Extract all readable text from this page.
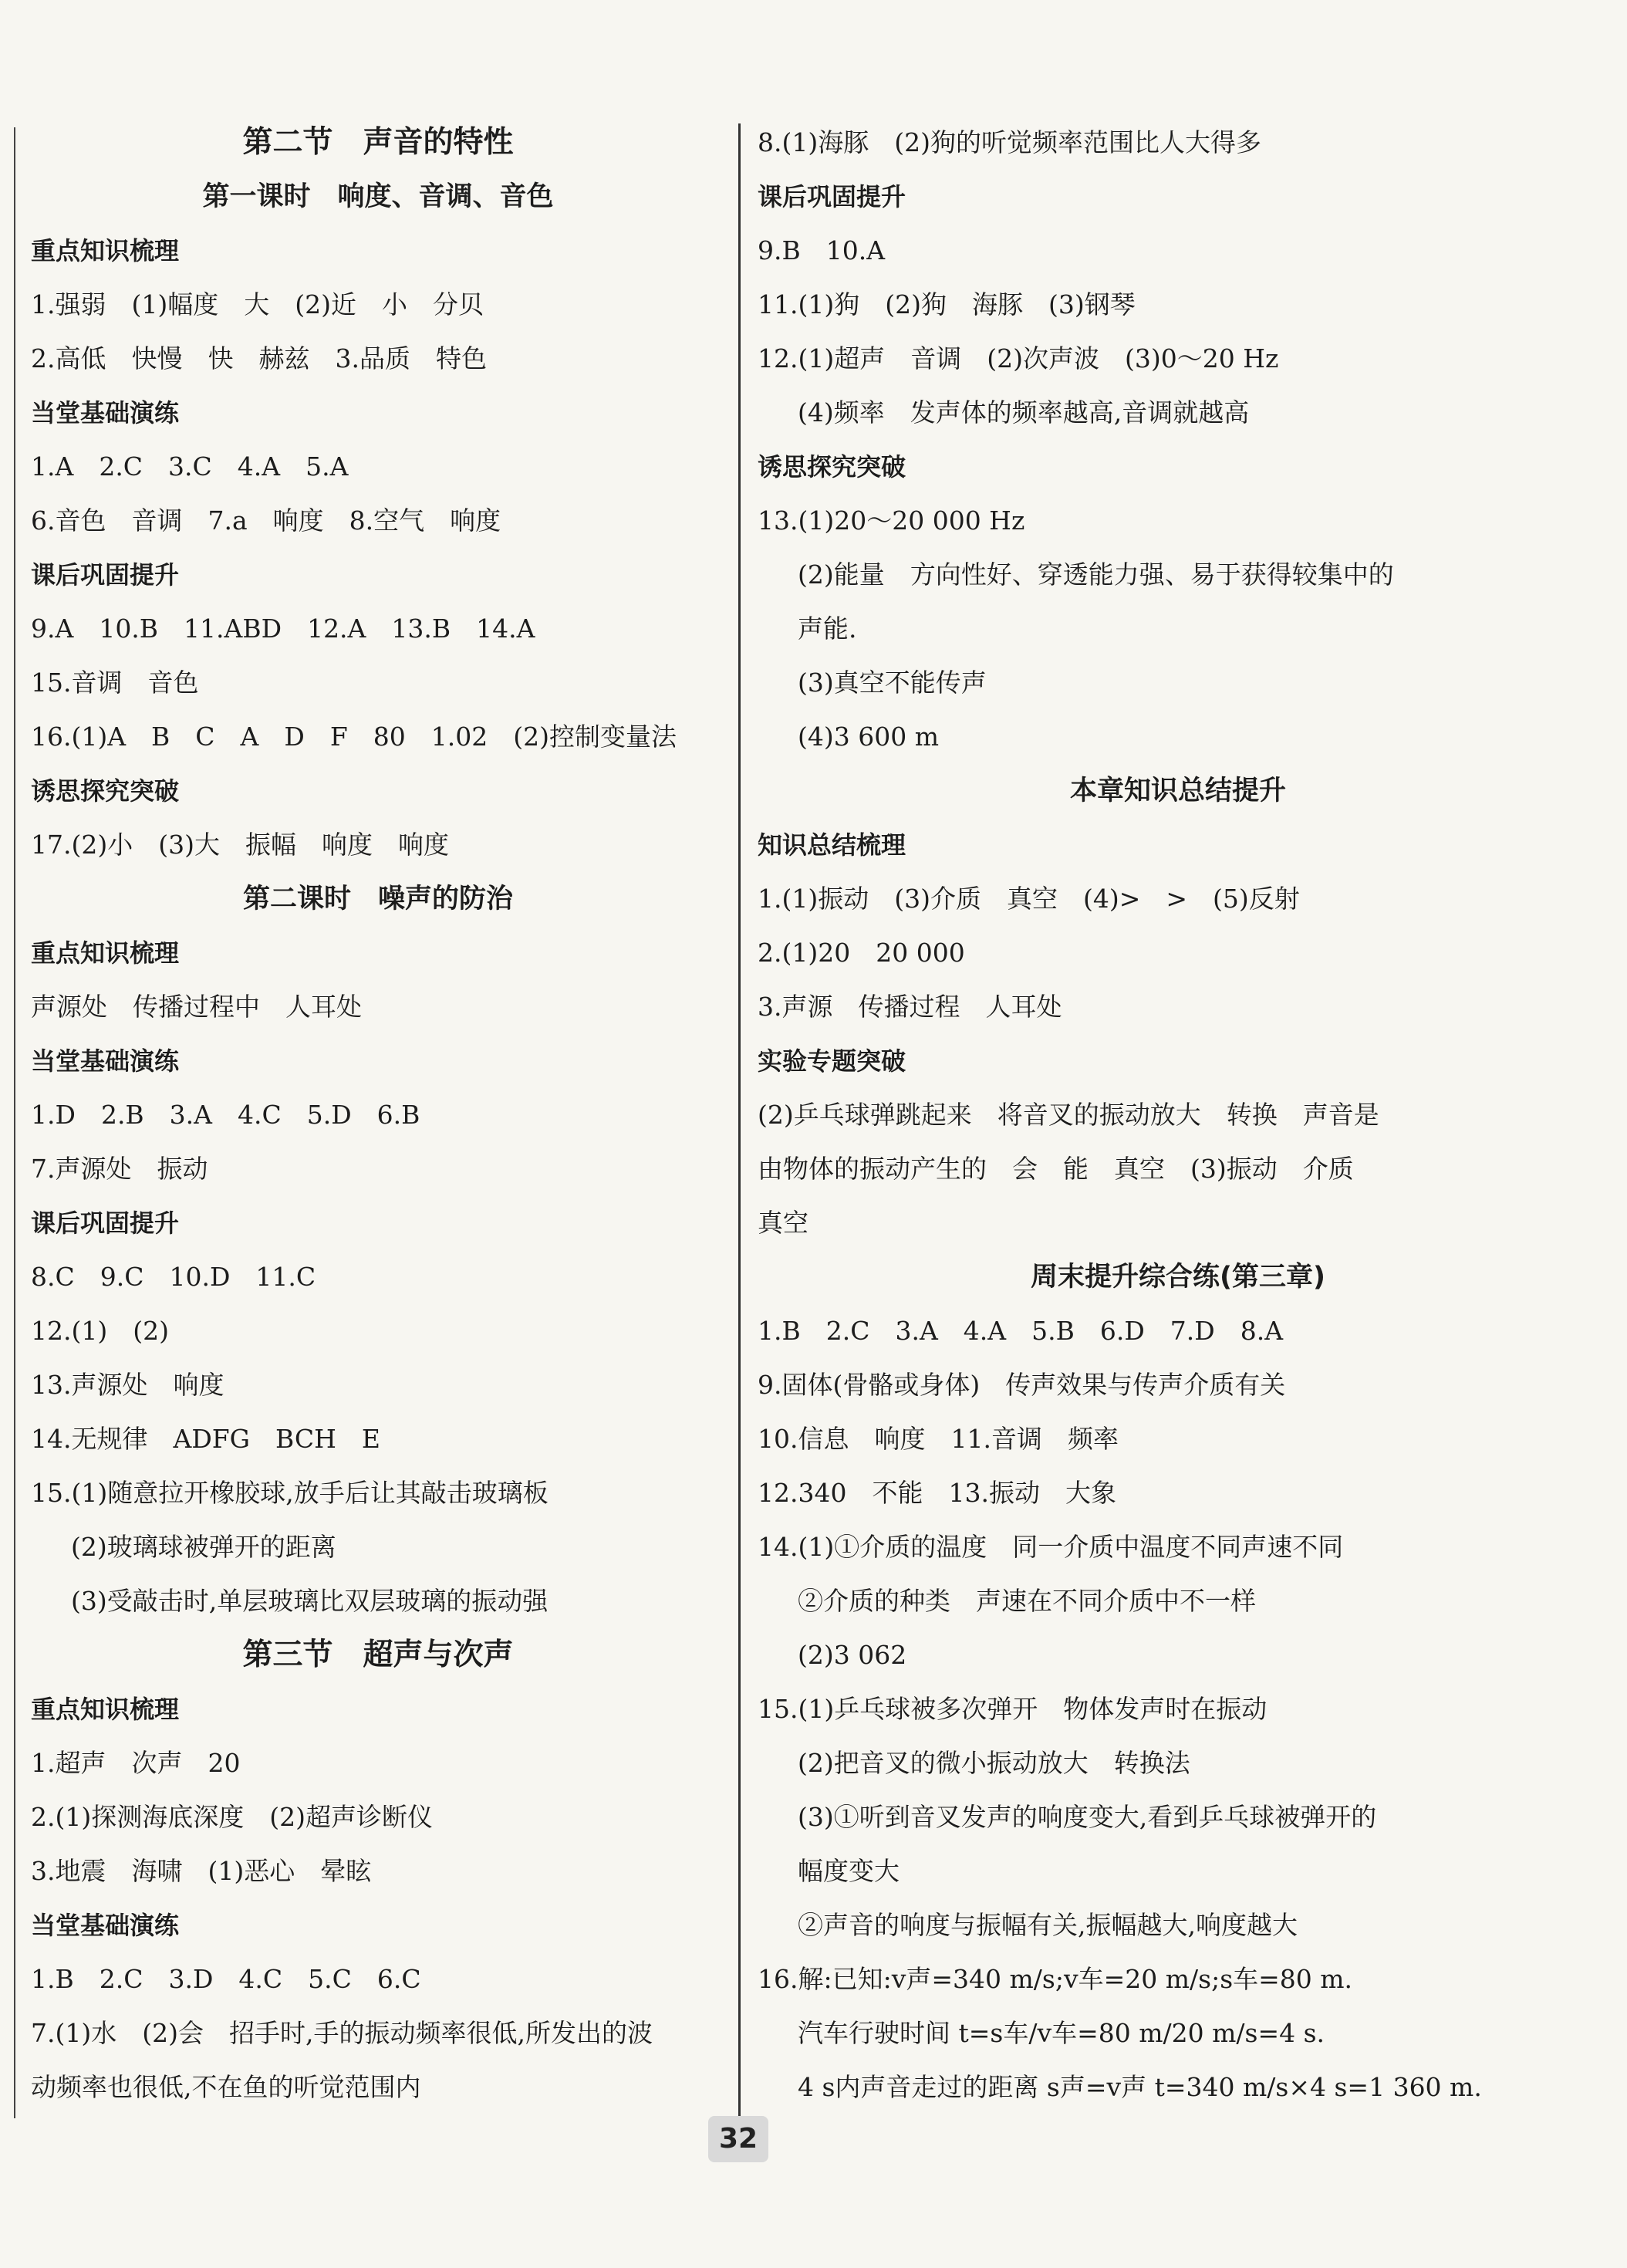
第二节　声音的特性
第一课时　响度、音调、音色
重点知识梳理
1.强弱　(1)幅度　大　(2)近　小　分贝
2.高低　快慢　快　赫兹　3.品质　特色
当堂基础演练
1.A　2.C　3.C　4.A　5.A
6.音色　音调　7.a　响度　8.空气　响度
课后巩固提升
9.A　10.B　11.ABD　12.A　13.B　14.A
15.音调　音色
16.(1)A　B　C　A　D　F　80　1.02　(2)控制变量法
诱思探究突破
17.(2)小　(3)大　振幅　响度　响度
第二课时　噪声的防治
重点知识梳理
声源处　传播过程中　人耳处
当堂基础演练
1.D　2.B　3.A　4.C　5.D　6.B
7.声源处　振动
课后巩固提升
8.C　9.C　10.D　11.C
12.(1)　(2)
13.声源处　响度
14.无规律　ADFG　BCH　E
15.(1)随意拉开橡胶球,放手后让其敲击玻璃板
(2)玻璃球被弹开的距离
(3)受敲击时,单层玻璃比双层玻璃的振动强
第三节　超声与次声
重点知识梳理
1.超声　次声　20
2.(1)探测海底深度　(2)超声诊断仪
3.地震　海啸　(1)恶心　晕眩
当堂基础演练
1.B　2.C　3.D　4.C　5.C　6.C
7.(1)水　(2)会　招手时,手的振动频率很低,所发出的波
动频率也很低,不在鱼的听觉范围内
8.(1)海豚　(2)狗的听觉频率范围比人大得多
课后巩固提升
9.B　10.A
11.(1)狗　(2)狗　海豚　(3)钢琴
12.(1)超声　音调　(2)次声波　(3)0～20 Hz
(4)频率　发声体的频率越高,音调就越高
诱思探究突破
13.(1)20～20 000 Hz
(2)能量　方向性好、穿透能力强、易于获得较集中的
声能.
(3)真空不能传声
(4)3 600 m
本章知识总结提升
知识总结梳理
1.(1)振动　(3)介质　真空　(4)>　>　(5)反射
2.(1)20　20 000
3.声源　传播过程　人耳处
实验专题突破
(2)乒乓球弹跳起来　将音叉的振动放大　转换　声音是
由物体的振动产生的　会　能　真空　(3)振动　介质
真空
周末提升综合练(第三章)
1.B　2.C　3.A　4.A　5.B　6.D　7.D　8.A
9.固体(骨骼或身体)　传声效果与传声介质有关
10.信息　响度　11.音调　频率
12.340　不能　13.振动　大象
14.(1)①介质的温度　同一介质中温度不同声速不同
②介质的种类　声速在不同介质中不一样
(2)3 062
15.(1)乒乓球被多次弹开　物体发声时在振动
(2)把音叉的微小振动放大　转换法
(3)①听到音叉发声的响度变大,看到乒乓球被弹开的
幅度变大
②声音的响度与振幅有关,振幅越大,响度越大
16.解:已知:v声=340 m/s;v车=20 m/s;s车=80 m.
汽车行驶时间 t=s车/v车=80 m/20 m/s=4 s.
4 s内声音走过的距离 s声=v声 t=340 m/s×4 s=1 360 m.
32
